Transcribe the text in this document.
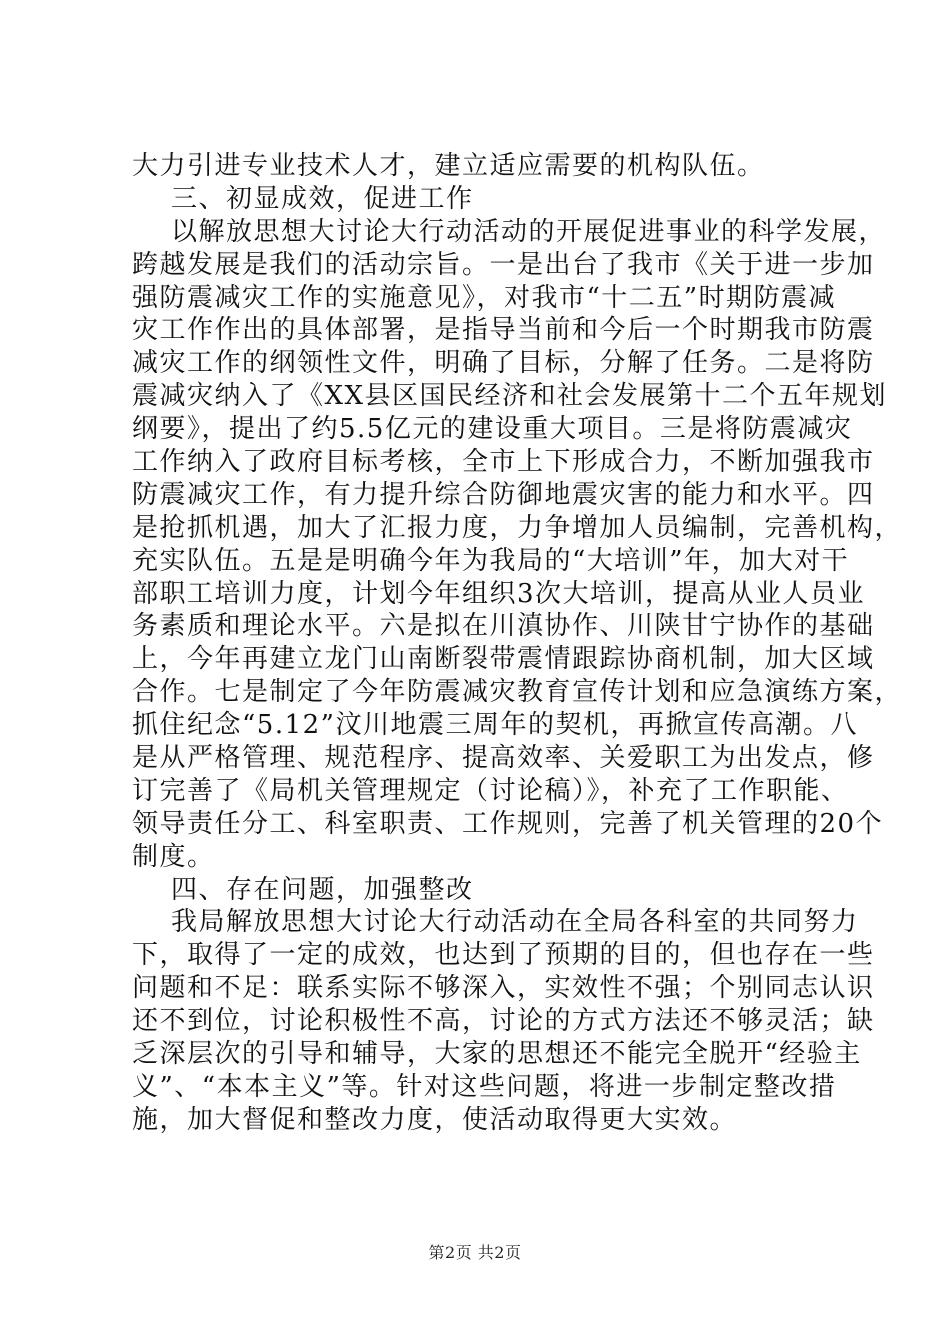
大力引进专业技术人才，建立适应需要的机构队伍。
三、初显成效，促进工作
以解放思想大讨论大行动活动的开展促进事业的科学发展，
跨越发展是我们的活动宗旨。一是出台了我市《关于进一步加
强防震减灾工作的实施意见》，对我市“十二五”时期防震减
灾工作作出的具体部署，是指导当前和今后一个时期我市防震
减灾工作的纲领性文件，明确了目标，分解了任务。二是将防
震减灾纳入了《XX县区国民经济和社会发展第十二个五年规划
纲要》，提出了约5.5亿元的建设重大项目。三是将防震减灾
工作纳入了政府目标考核，全市上下形成合力，不断加强我市
防震减灾工作，有力提升综合防御地震灾害的能力和水平。四
是抢抓机遇，加大了汇报力度，力争增加人员编制，完善机构，
充实队伍。五是是明确今年为我局的“大培训”年，加大对干
部职工培训力度，计划今年组织3次大培训，提高从业人员业
务素质和理论水平。六是拟在川滇协作、川陕甘宁协作的基础
上，今年再建立龙门山南断裂带震情跟踪协商机制，加大区域
合作。七是制定了今年防震减灾教育宣传计划和应急演练方案，
抓住纪念“5.12”汶川地震三周年的契机，再掀宣传高潮。八
是从严格管理、规范程序、提高效率、关爱职工为出发点，修
订完善了《局机关管理规定（讨论稿）》，补充了工作职能、
领导责任分工、科室职责、工作规则，完善了机关管理的20个
制度。
四、存在问题，加强整改
我局解放思想大讨论大行动活动在全局各科室的共同努力
下，取得了一定的成效，也达到了预期的目的，但也存在一些
问题和不足：联系实际不够深入，实效性不强；个别同志认识
还不到位，讨论积极性不高，讨论的方式方法还不够灵活；缺
乏深层次的引导和辅导，大家的思想还不能完全脱开“经验主
义”、“本本主义”等。针对这些问题，将进一步制定整改措
施，加大督促和整改力度，使活动取得更大实效。
第2页 共2页
